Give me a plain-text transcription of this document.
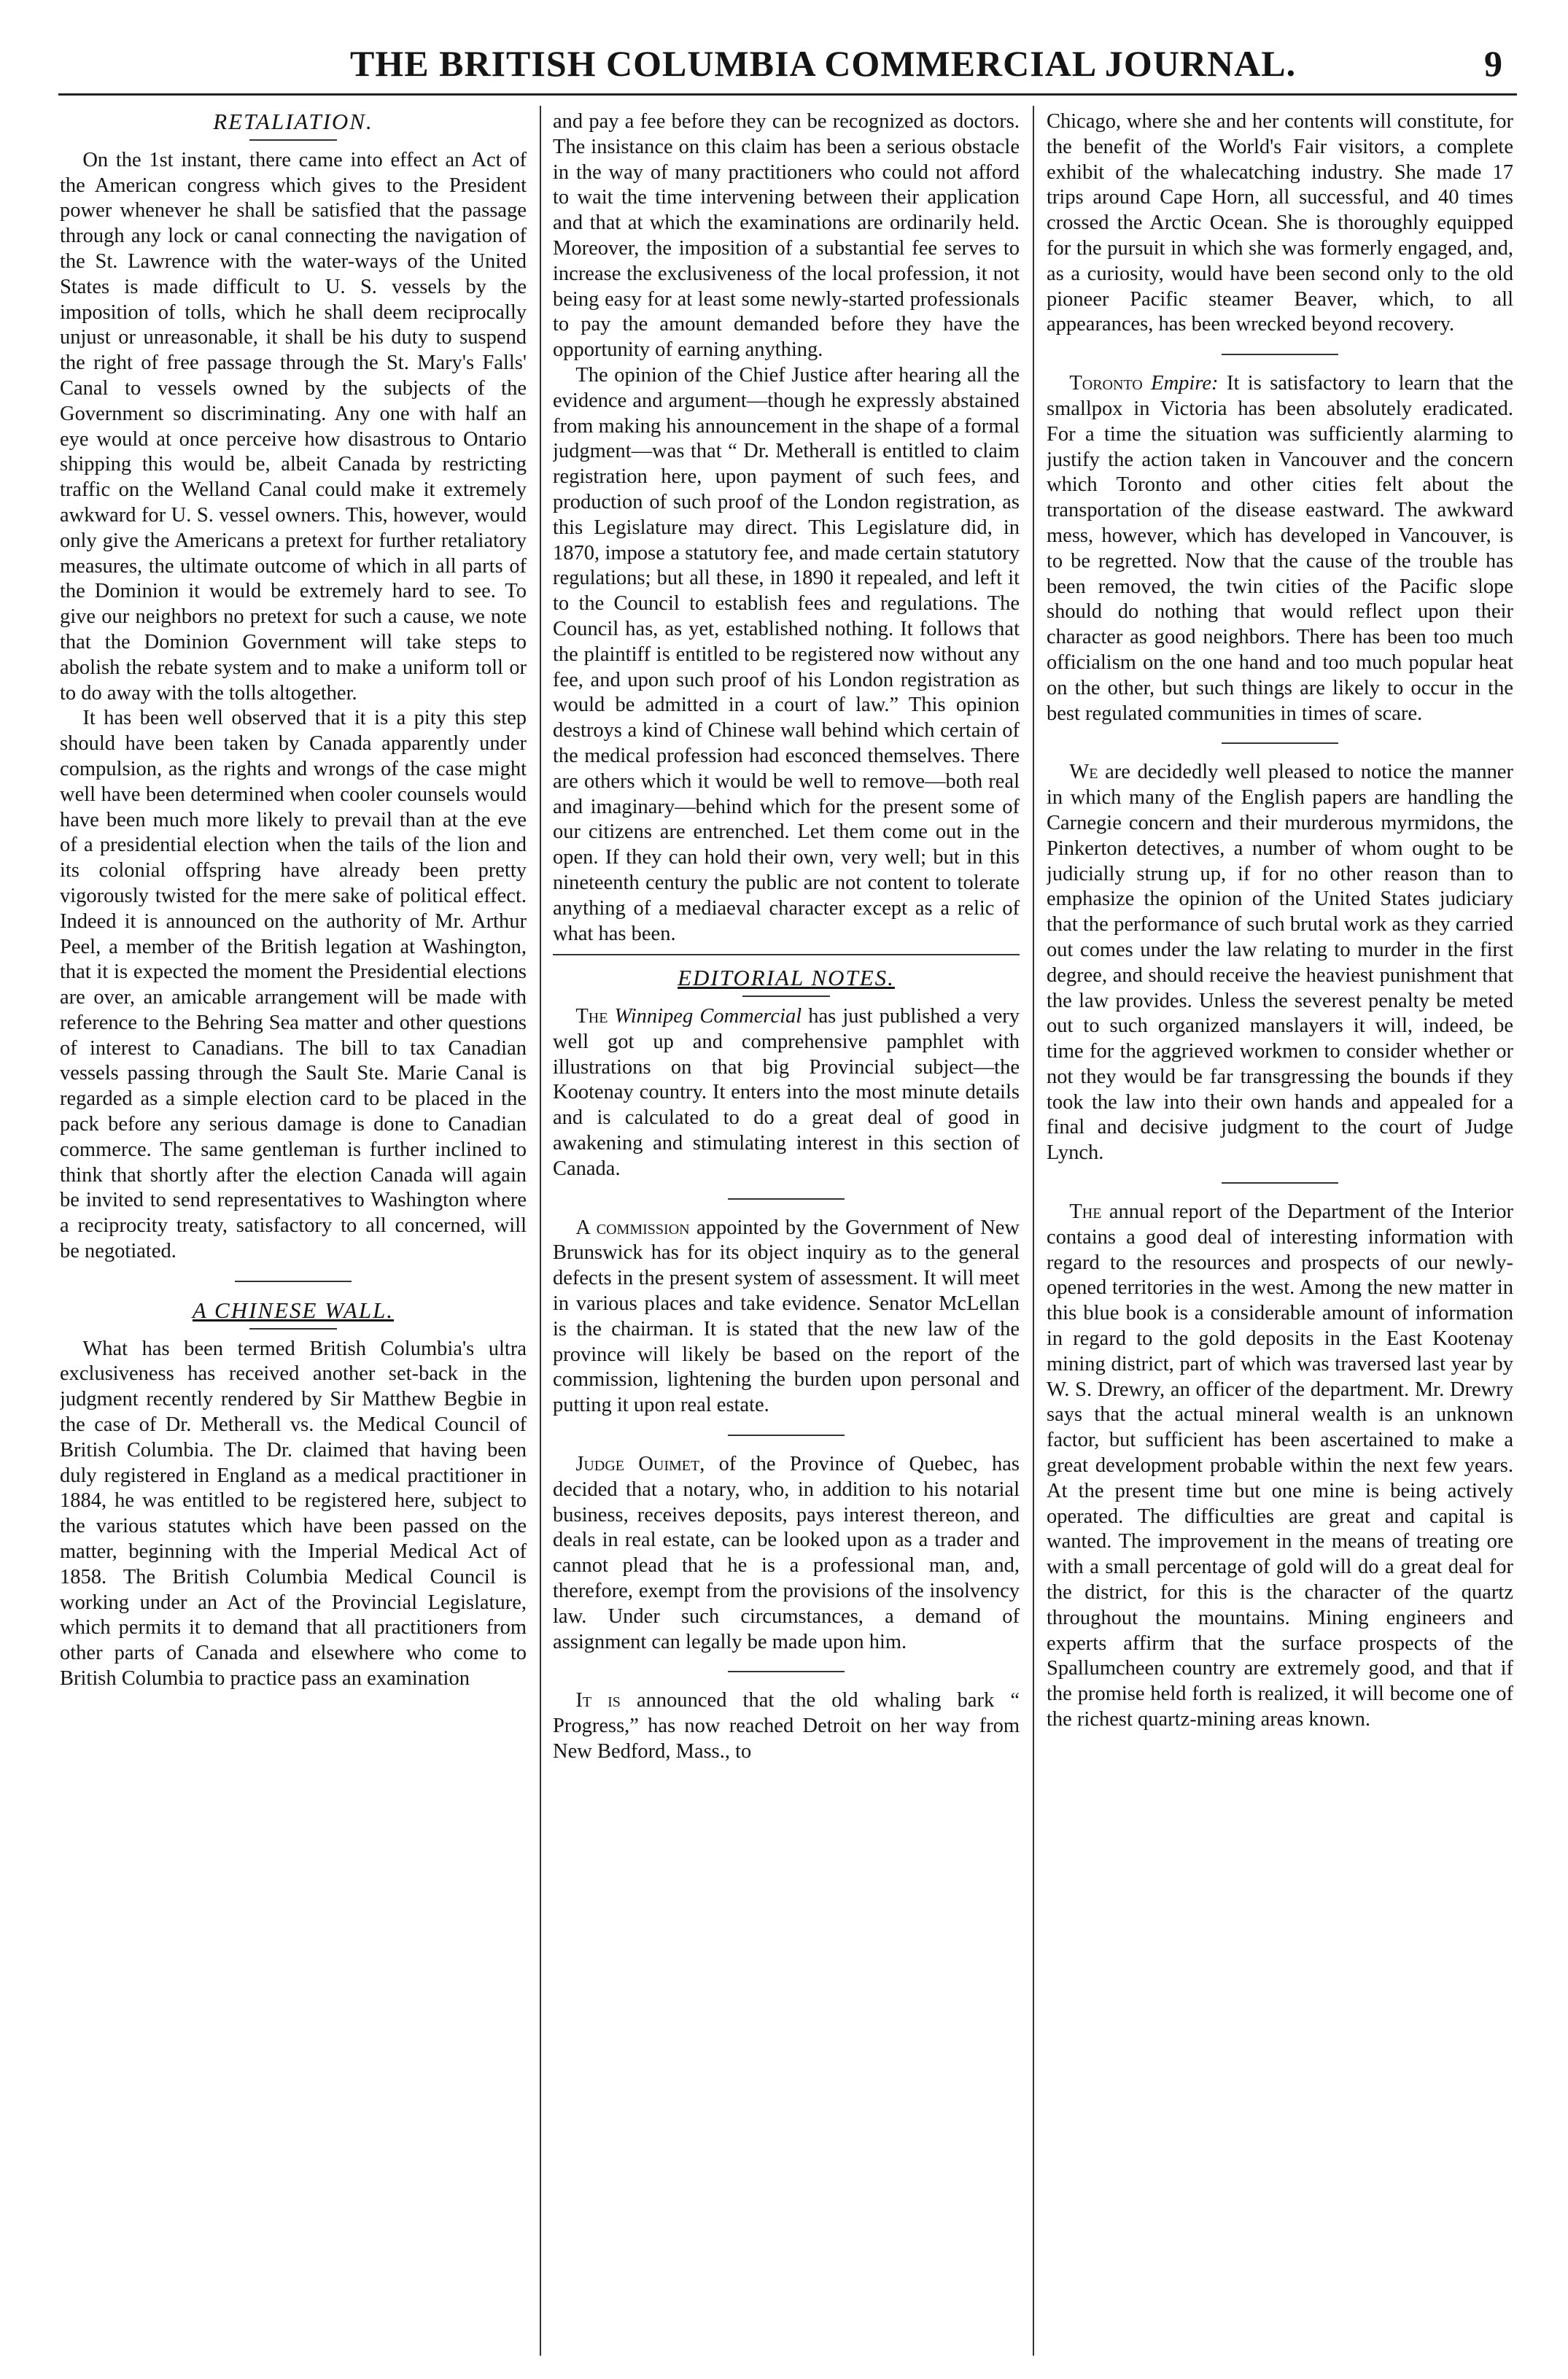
THE BRITISH COLUMBIA COMMERCIAL JOURNAL.	9
RETALIATION.

On the 1st instant, there came into effect an Act of the American congress which gives to the President power whenever he shall be satisfied that the passage through any lock or canal connecting the navigation of the St. Lawrence with the water-ways of the United States is made difficult to U. S. vessels by the imposition of tolls, which he shall deem reciprocally unjust or unreasonable, it shall be his duty to suspend the right of free passage through the St. Mary's Falls' Canal to vessels owned by the subjects of the Government so discriminating. Any one with half an eye would at once perceive how disastrous to Ontario shipping this would be, albeit Canada by restricting traffic on the Welland Canal could make it extremely awkward for U. S. vessel owners. This, however, would only give the Americans a pretext for further retaliatory measures, the ultimate outcome of which in all parts of the Dominion it would be extremely hard to see. To give our neighbors no pretext for such a cause, we note that the Dominion Government will take steps to abolish the rebate system and to make a uniform toll or to do away with the tolls altogether.

It has been well observed that it is a pity this step should have been taken by Canada apparently under compulsion, as the rights and wrongs of the case might well have been determined when cooler counsels would have been much more likely to prevail than at the eve of a presidential election when the tails of the lion and its colonial offspring have already been pretty vigorously twisted for the mere sake of political effect. Indeed it is announced on the authority of Mr. Arthur Peel, a member of the British legation at Washington, that it is expected the moment the Presidential elections are over, an amicable arrangement will be made with reference to the Behring Sea matter and other questions of interest to Canadians. The bill to tax Canadian vessels passing through the Sault Ste. Marie Canal is regarded as a simple election card to be placed in the pack before any serious damage is done to Canadian commerce. The same gentleman is further inclined to think that shortly after the election Canada will again be invited to send representatives to Washington where a reciprocity treaty, satisfactory to all concerned, will be negotiated.

A CHINESE WALL.

What has been termed British Columbia's ultra exclusiveness has received another set-back in the judgment recently rendered by Sir Matthew Begbie in the case of Dr. Metherall vs. the Medical Council of British Columbia. The Dr. claimed that having been duly registered in England as a medical practitioner in 1884, he was entitled to be registered here, subject to the various statutes which have been passed on the matter, beginning with the Imperial Medical Act of 1858. The British Columbia Medical Council is working under an Act of the Provincial Legislature, which permits it to demand that all practitioners from other parts of Canada and elsewhere who come to British Columbia to practice pass an examination

and pay a fee before they can be recognized as doctors. The insistance on this claim has been a serious obstacle in the way of many practitioners who could not afford to wait the time intervening between their application and that at which the examinations are ordinarily held. Moreover, the imposition of a substantial fee serves to increase the exclusiveness of the local profession, it not being easy for at least some newly-started professionals to pay the amount demanded before they have the opportunity of earning anything.

The opinion of the Chief Justice after hearing all the evidence and argument—though he expressly abstained from making his announcement in the shape of a formal judgment—was that “ Dr. Metherall is entitled to claim registration here, upon payment of such fees, and production of such proof of the London registration, as this Legislature may direct. This Legislature did, in 1870, impose a statutory fee, and made certain statutory regulations; but all these, in 1890 it repealed, and left it to the Council to establish fees and regulations. The Council has, as yet, established nothing. It follows that the plaintiff is entitled to be registered now without any fee, and upon such proof of his London registration as would be admitted in a court of law.” This opinion destroys a kind of Chinese wall behind which certain of the medical profession had esconced themselves. There are others which it would be well to remove—both real and imaginary—behind which for the present some of our citizens are entrenched. Let them come out in the open. If they can hold their own, very well; but in this nineteenth century the public are not content to tolerate anything of a mediaeval character except as a relic of what has been.

EDITORIAL NOTES.

The Winnipeg Commercial has just published a very well got up and comprehensive pamphlet with illustrations on that big Provincial subject—the Kootenay country. It enters into the most minute details and is calculated to do a great deal of good in awakening and stimulating interest in this section of Canada.

A commission appointed by the Government of New Brunswick has for its object inquiry as to the general defects in the present system of assessment. It will meet in various places and take evidence. Senator McLellan is the chairman. It is stated that the new law of the province will likely be based on the report of the commission, lightening the burden upon personal and putting it upon real estate.

Judge Ouimet, of the Province of Quebec, has decided that a notary, who, in addition to his notarial business, receives deposits, pays interest thereon, and deals in real estate, can be looked upon as a trader and cannot plead that he is a professional man, and, therefore, exempt from the provisions of the insolvency law. Under such circumstances, a demand of assignment can legally be made upon him.

It is announced that the old whaling bark “ Progress,” has now reached Detroit on her way from New Bedford, Mass., to

Chicago, where she and her contents will constitute, for the benefit of the World's Fair visitors, a complete exhibit of the whalecatching industry. She made 17 trips around Cape Horn, all successful, and 40 times crossed the Arctic Ocean. She is thoroughly equipped for the pursuit in which she was formerly engaged, and, as a curiosity, would have been second only to the old pioneer Pacific steamer Beaver, which, to all appearances, has been wrecked beyond recovery.

Toronto Empire: It is satisfactory to learn that the smallpox in Victoria has been absolutely eradicated. For a time the situation was sufficiently alarming to justify the action taken in Vancouver and the concern which Toronto and other cities felt about the transportation of the disease eastward. The awkward mess, however, which has developed in Vancouver, is to be regretted. Now that the cause of the trouble has been removed, the twin cities of the Pacific slope should do nothing that would reflect upon their character as good neighbors. There has been too much officialism on the one hand and too much popular heat on the other, but such things are likely to occur in the best regulated communities in times of scare.

We are decidedly well pleased to notice the manner in which many of the English papers are handling the Carnegie concern and their murderous myrmidons, the Pinkerton detectives, a number of whom ought to be judicially strung up, if for no other reason than to emphasize the opinion of the United States judiciary that the performance of such brutal work as they carried out comes under the law relating to murder in the first degree, and should receive the heaviest punishment that the law provides. Unless the severest penalty be meted out to such organized manslayers it will, indeed, be time for the aggrieved workmen to consider whether or not they would be far transgressing the bounds if they took the law into their own hands and appealed for a final and decisive judgment to the court of Judge Lynch.

The annual report of the Department of the Interior contains a good deal of interesting information with regard to the resources and prospects of our newly-opened territories in the west. Among the new matter in this blue book is a considerable amount of information in regard to the gold deposits in the East Kootenay mining district, part of which was traversed last year by W. S. Drewry, an officer of the department. Mr. Drewry says that the actual mineral wealth is an unknown factor, but sufficient has been ascertained to make a great development probable within the next few years. At the present time but one mine is being actively operated. The difficulties are great and capital is wanted. The improvement in the means of treating ore with a small percentage of gold will do a great deal for the district, for this is the character of the quartz throughout the mountains. Mining engineers and experts affirm that the surface prospects of the Spallumcheen country are extremely good, and that if the promise held forth is realized, it will become one of the richest quartz-mining areas known.
